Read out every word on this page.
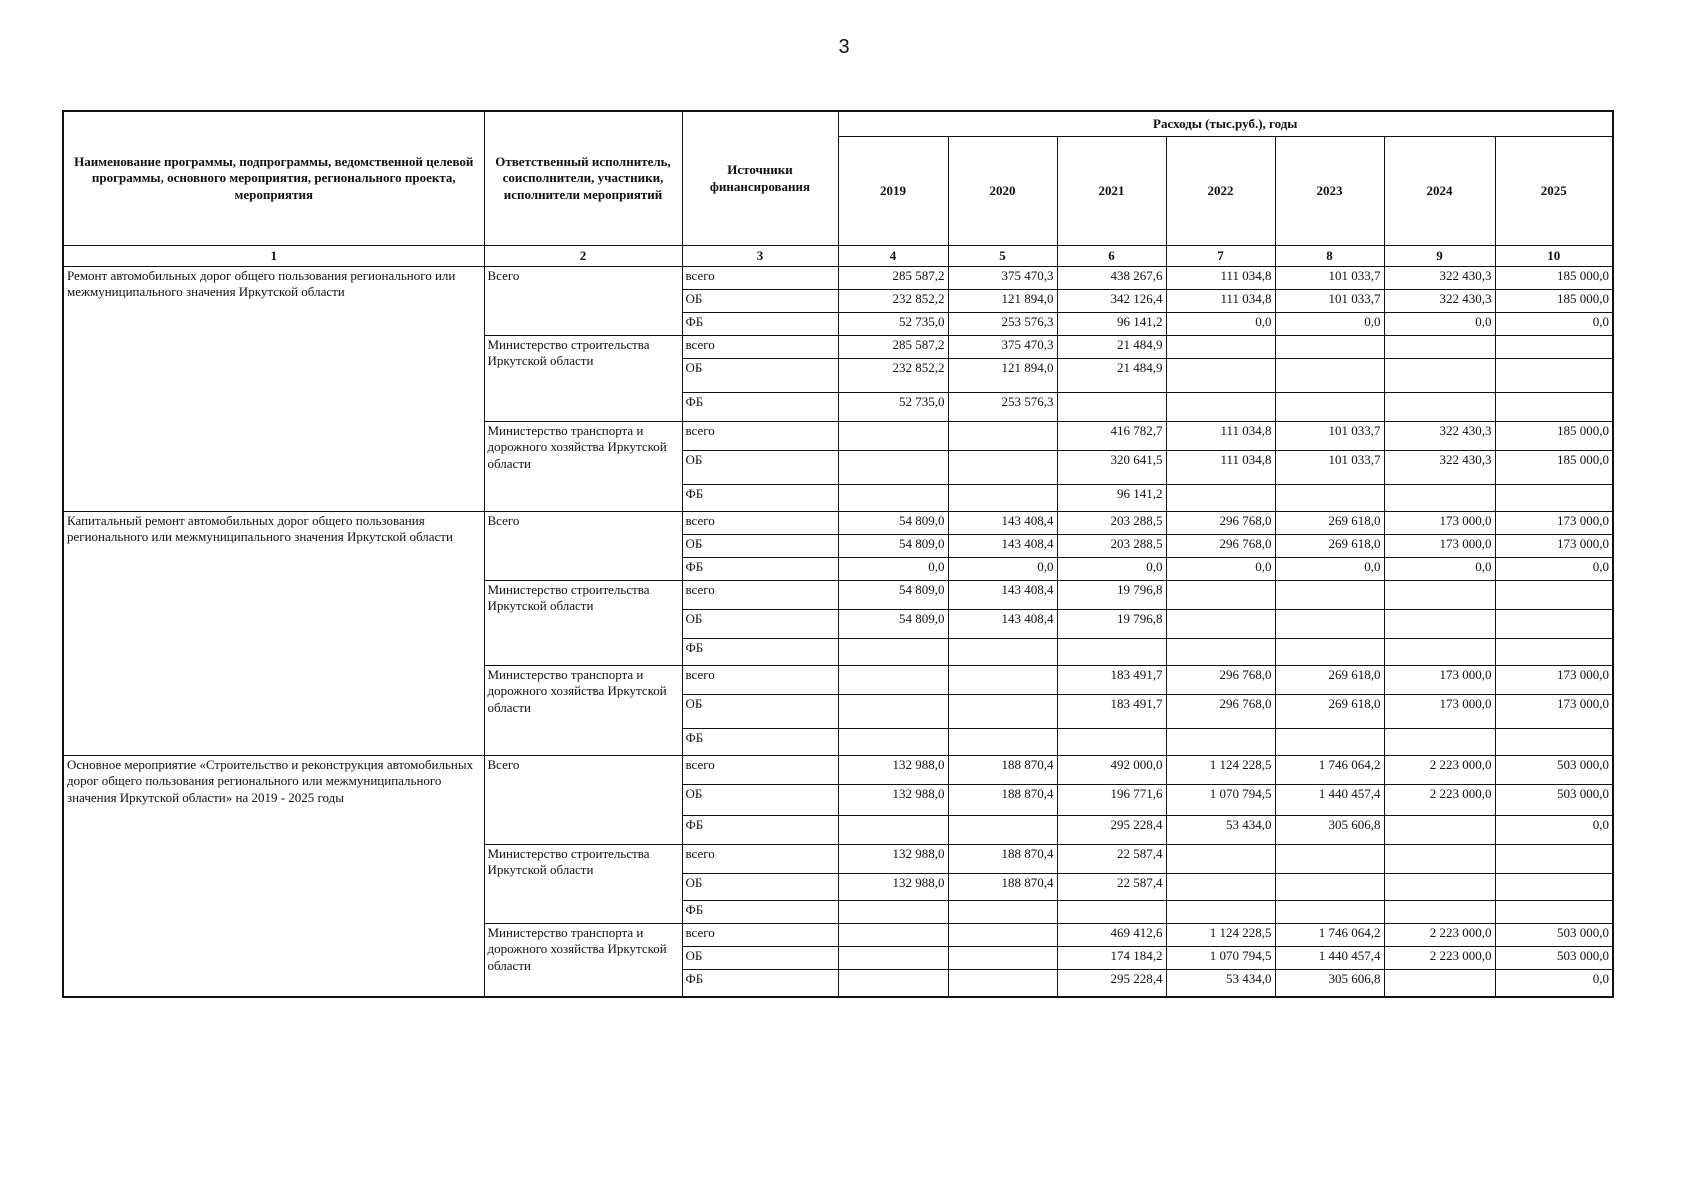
3
Наименование программы, подпрограммы, ведомственной целевой программы, основного мероприятия, регионального проекта, мероприятия	Ответственный исполнитель, соисполнители, участники, исполнители мероприятий	Источники финансирования	Расходы (тыс.руб.), годы						
			2019	2020	2021	2022	2023	2024	2025
1	2	3	4	5	6	7	8	9	10
Ремонт автомобильных дорог общего пользования регионального или межмуниципального значения Иркутской области	Всего	всего	285 587,2	375 470,3	438 267,6	111 034,8	101 033,7	322 430,3	185 000,0
		ОБ	232 852,2	121 894,0	342 126,4	111 034,8	101 033,7	322 430,3	185 000,0
		ФБ	52 735,0	253 576,3	96 141,2	0,0	0,0	0,0	0,0
	Министерство строительства Иркутской области	всего	285 587,2	375 470,3	21 484,9				
		ОБ	232 852,2	121 894,0	21 484,9				
		ФБ	52 735,0	253 576,3					
	Министерство транспорта и дорожного хозяйства Иркутской области	всего			416 782,7	111 034,8	101 033,7	322 430,3	185 000,0
		ОБ			320 641,5	111 034,8	101 033,7	322 430,3	185 000,0
		ФБ			96 141,2				
Капитальный ремонт автомобильных дорог общего пользования регионального или межмуниципального значения Иркутской области	Всего	всего	54 809,0	143 408,4	203 288,5	296 768,0	269 618,0	173 000,0	173 000,0
		ОБ	54 809,0	143 408,4	203 288,5	296 768,0	269 618,0	173 000,0	173 000,0
		ФБ	0,0	0,0	0,0	0,0	0,0	0,0	0,0
	Министерство строительства Иркутской области	всего	54 809,0	143 408,4	19 796,8				
		ОБ	54 809,0	143 408,4	19 796,8				
		ФБ							
	Министерство транспорта и дорожного хозяйства Иркутской области	всего			183 491,7	296 768,0	269 618,0	173 000,0	173 000,0
		ОБ			183 491,7	296 768,0	269 618,0	173 000,0	173 000,0
		ФБ							
Основное мероприятие «Строительство и реконструкция автомобильных дорог общего пользования регионального или межмуниципального значения Иркутской области» на 2019 - 2025 годы	Всего	всего	132 988,0	188 870,4	492 000,0	1 124 228,5	1 746 064,2	2 223 000,0	503 000,0
		ОБ	132 988,0	188 870,4	196 771,6	1 070 794,5	1 440 457,4	2 223 000,0	503 000,0
		ФБ			295 228,4	53 434,0	305 606,8		0,0
	Министерство строительства Иркутской области	всего	132 988,0	188 870,4	22 587,4				
		ОБ	132 988,0	188 870,4	22 587,4				
		ФБ							
	Министерство транспорта и дорожного хозяйства Иркутской области	всего			469 412,6	1 124 228,5	1 746 064,2	2 223 000,0	503 000,0
		ОБ			174 184,2	1 070 794,5	1 440 457,4	2 223 000,0	503 000,0
		ФБ			295 228,4	53 434,0	305 606,8		0,0
